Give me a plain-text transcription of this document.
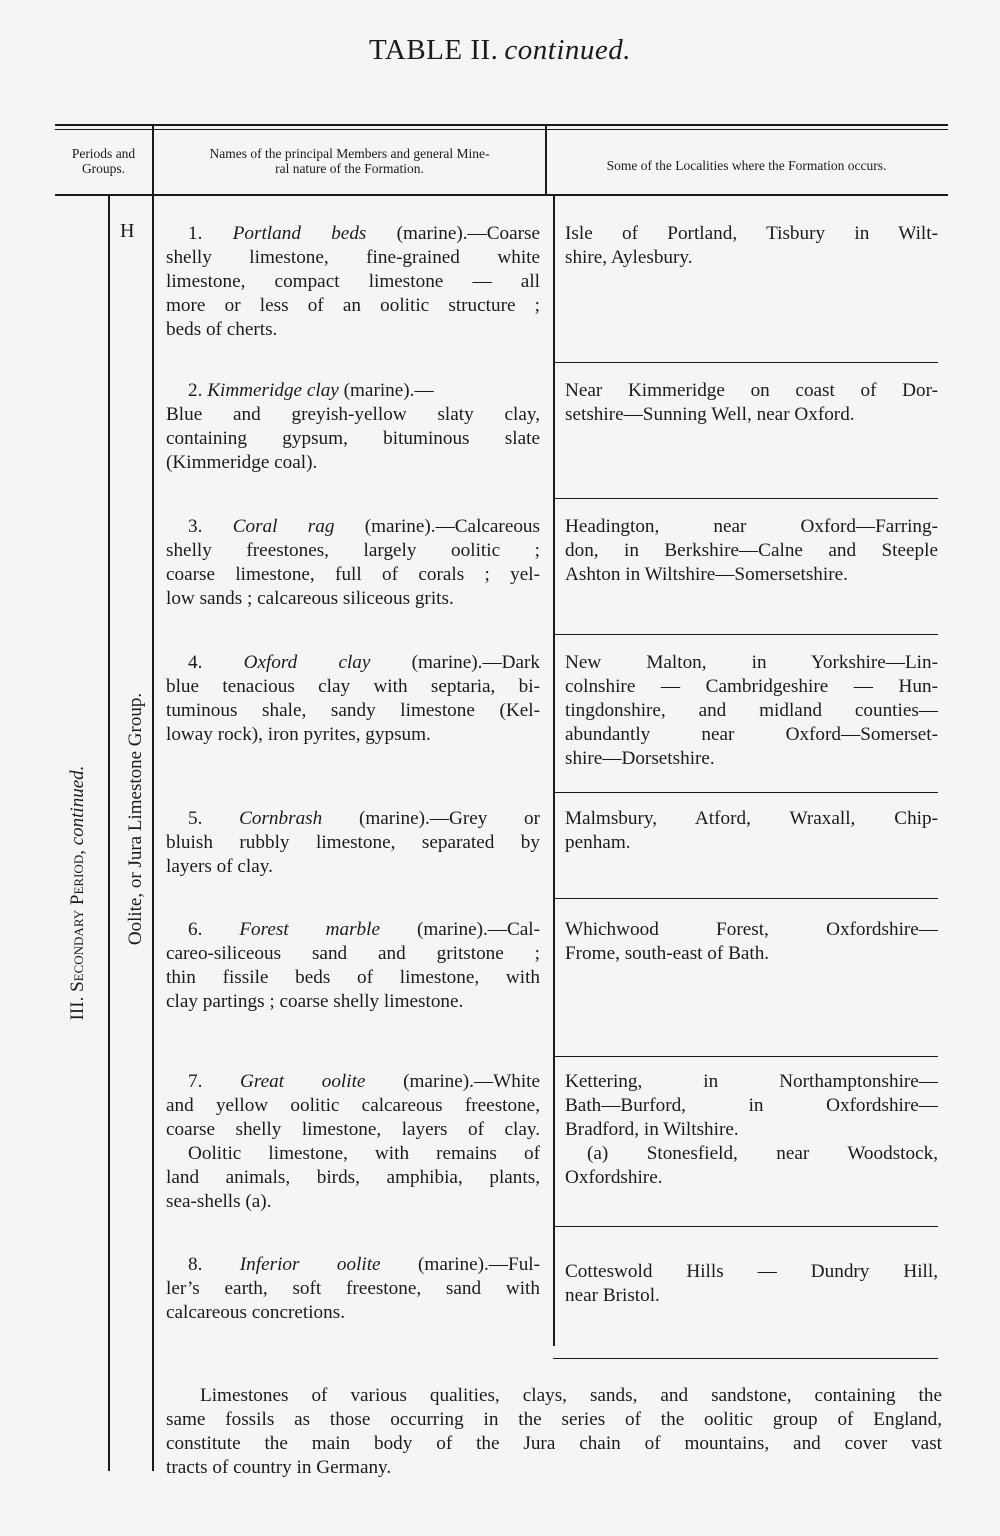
TABLE II. continued.
Periods and
Groups.
Names of the principal Members and general Mine-
ral nature of the Formation.	Some of the Localities where the Formation occurs.
III. Secondary Period, continued. Oolite, or Jura Limestone Group.
H	1. Portland beds (marine).—Coarse
shelly limestone, fine-grained white
limestone, compact limestone — all
more or less of an oolitic structure ;
beds of cherts.
Isle of Portland, Tisbury in Wilt-
shire, Aylesbury.
2. Kimmeridge clay (marine).—
Blue and greyish-yellow slaty clay,
containing gypsum, bituminous slate
(Kimmeridge coal).
Near Kimmeridge on coast of Dor-
setshire—Sunning Well, near Oxford.
3. Coral rag (marine).—Calcareous
shelly freestones, largely oolitic ;
coarse limestone, full of corals ; yel-
low sands ; calcareous siliceous grits.
Headington, near Oxford—Farring-
don, in Berkshire—Calne and Steeple
Ashton in Wiltshire—Somersetshire.
4. Oxford clay (marine).—Dark
blue tenacious clay with septaria, bi-
tuminous shale, sandy limestone (Kel-
loway rock), iron pyrites, gypsum.
New Malton, in Yorkshire—Lin-
colnshire — Cambridgeshire — Hun-
tingdonshire, and midland counties—
abundantly near Oxford—Somerset-
shire—Dorsetshire.
5. Cornbrash (marine).—Grey or
bluish rubbly limestone, separated by
layers of clay.
Malmsbury, Atford, Wraxall, Chip-
penham.
6. Forest marble (marine).—Cal-
careo-siliceous sand and gritstone ;
thin fissile beds of limestone, with
clay partings ; coarse shelly limestone.
Whichwood Forest, Oxfordshire—
Frome, south-east of Bath.
7. Great oolite (marine).—White
and yellow oolitic calcareous freestone,
coarse shelly limestone, layers of clay.
Oolitic limestone, with remains of
land animals, birds, amphibia, plants,
sea-shells (a).
Kettering, in Northamptonshire—
Bath—Burford, in Oxfordshire—
Bradford, in Wiltshire.
(a) Stonesfield, near Woodstock,
Oxfordshire.
8. Inferior oolite (marine).—Ful-
ler’s earth, soft freestone, sand with
calcareous concretions.
Cotteswold Hills — Dundry Hill,
near Bristol.
Limestones of various qualities, clays, sands, and sandstone, containing the
same fossils as those occurring in the series of the oolitic group of England,
constitute the main body of the Jura chain of mountains, and cover vast
tracts of country in Germany.
